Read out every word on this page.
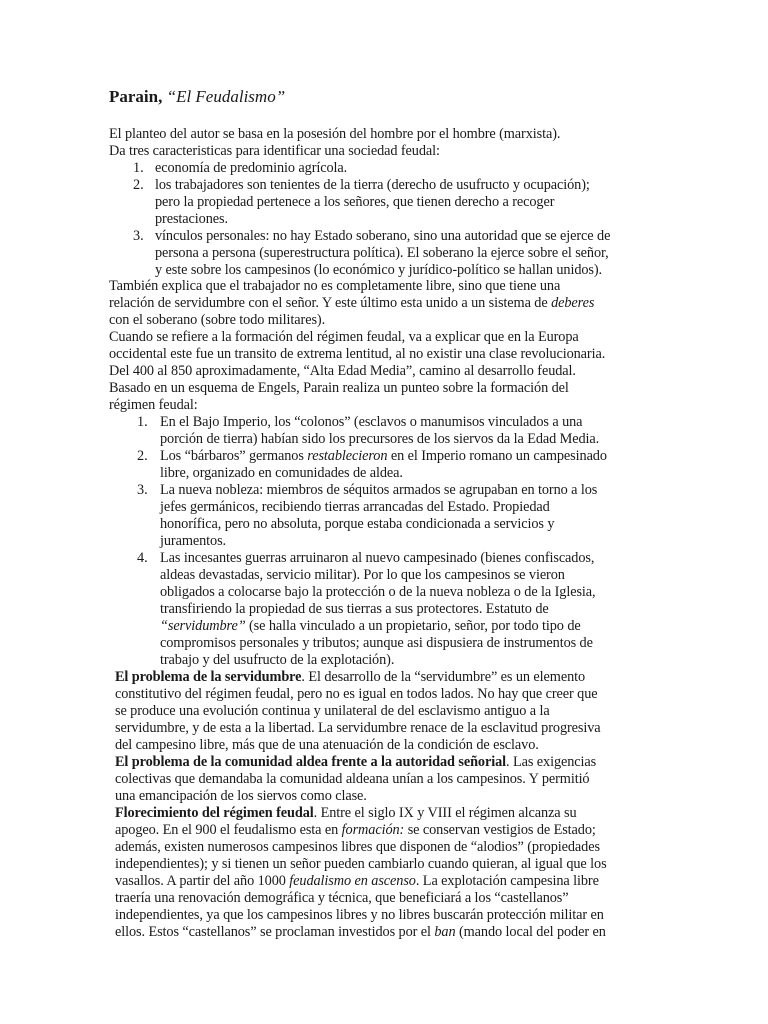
Parain, “El Feudalismo”
El planteo del autor se basa en la posesión del hombre por el hombre (marxista).
Da tres caracteristicas para identificar una sociedad feudal:
1. economía de predominio agrícola.
2. los trabajadores son tenientes de la tierra (derecho de usufructo y ocupación);
pero la propiedad pertenece a los señores, que tienen derecho a recoger
prestaciones.
3. vínculos personales: no hay Estado soberano, sino una autoridad que se ejerce de
persona a persona (superestructura política). El soberano la ejerce sobre el señor,
y este sobre los campesinos (lo económico y jurídico-político se hallan unidos).
También explica que el trabajador no es completamente libre, sino que tiene una
relación de servidumbre con el señor. Y este último esta unido a un sistema de deberes
con el soberano (sobre todo militares).
Cuando se refiere a la formación del régimen feudal, va a explicar que en la Europa
occidental este fue un transito de extrema lentitud, al no existir una clase revolucionaria.
Del 400 al 850 aproximadamente, “Alta Edad Media”, camino al desarrollo feudal.
Basado en un esquema de Engels, Parain realiza un punteo sobre la formación del
régimen feudal:
1. En el Bajo Imperio, los “colonos” (esclavos o manumisos vinculados a una
porción de tierra) habían sido los precursores de los siervos da la Edad Media.
2. Los “bárbaros” germanos restablecieron en el Imperio romano un campesinado
libre, organizado en comunidades de aldea.
3. La nueva nobleza: miembros de séquitos armados se agrupaban en torno a los
jefes germánicos, recibiendo tierras arrancadas del Estado. Propiedad
honorífica, pero no absoluta, porque estaba condicionada a servicios y
juramentos.
4. Las incesantes guerras arruinaron al nuevo campesinado (bienes confiscados,
aldeas devastadas, servicio militar). Por lo que los campesinos se vieron
obligados a colocarse bajo la protección o de la nueva nobleza o de la Iglesia,
transfiriendo la propiedad de sus tierras a sus protectores. Estatuto de
“servidumbre” (se halla vinculado a un propietario, señor, por todo tipo de
compromisos personales y tributos; aunque asi dispusiera de instrumentos de
trabajo y del usufructo de la explotación).
El problema de la servidumbre. El desarrollo de la “servidumbre” es un elemento
constitutivo del régimen feudal, pero no es igual en todos lados. No hay que creer que
se produce una evolución continua y unilateral de del esclavismo antiguo a la
servidumbre, y de esta a la libertad. La servidumbre renace de la esclavitud progresiva
del campesino libre, más que de una atenuación de la condición de esclavo.
El problema de la comunidad aldea frente a la autoridad señorial. Las exigencias
colectivas que demandaba la comunidad aldeana unían a los campesinos. Y permitió
una emancipación de los siervos como clase.
Florecimiento del régimen feudal. Entre el siglo IX y VIII el régimen alcanza su
apogeo. En el 900 el feudalismo esta en formación: se conservan vestigios de Estado;
además, existen numerosos campesinos libres que disponen de “alodios” (propiedades
independientes); y si tienen un señor pueden cambiarlo cuando quieran, al igual que los
vasallos. A partir del año 1000 feudalismo en ascenso. La explotación campesina libre
traería una renovación demográfica y técnica, que beneficiará a los “castellanos”
independientes, ya que los campesinos libres y no libres buscarán protección militar en
ellos. Estos “castellanos” se proclaman investidos por el ban (mando local del poder en
